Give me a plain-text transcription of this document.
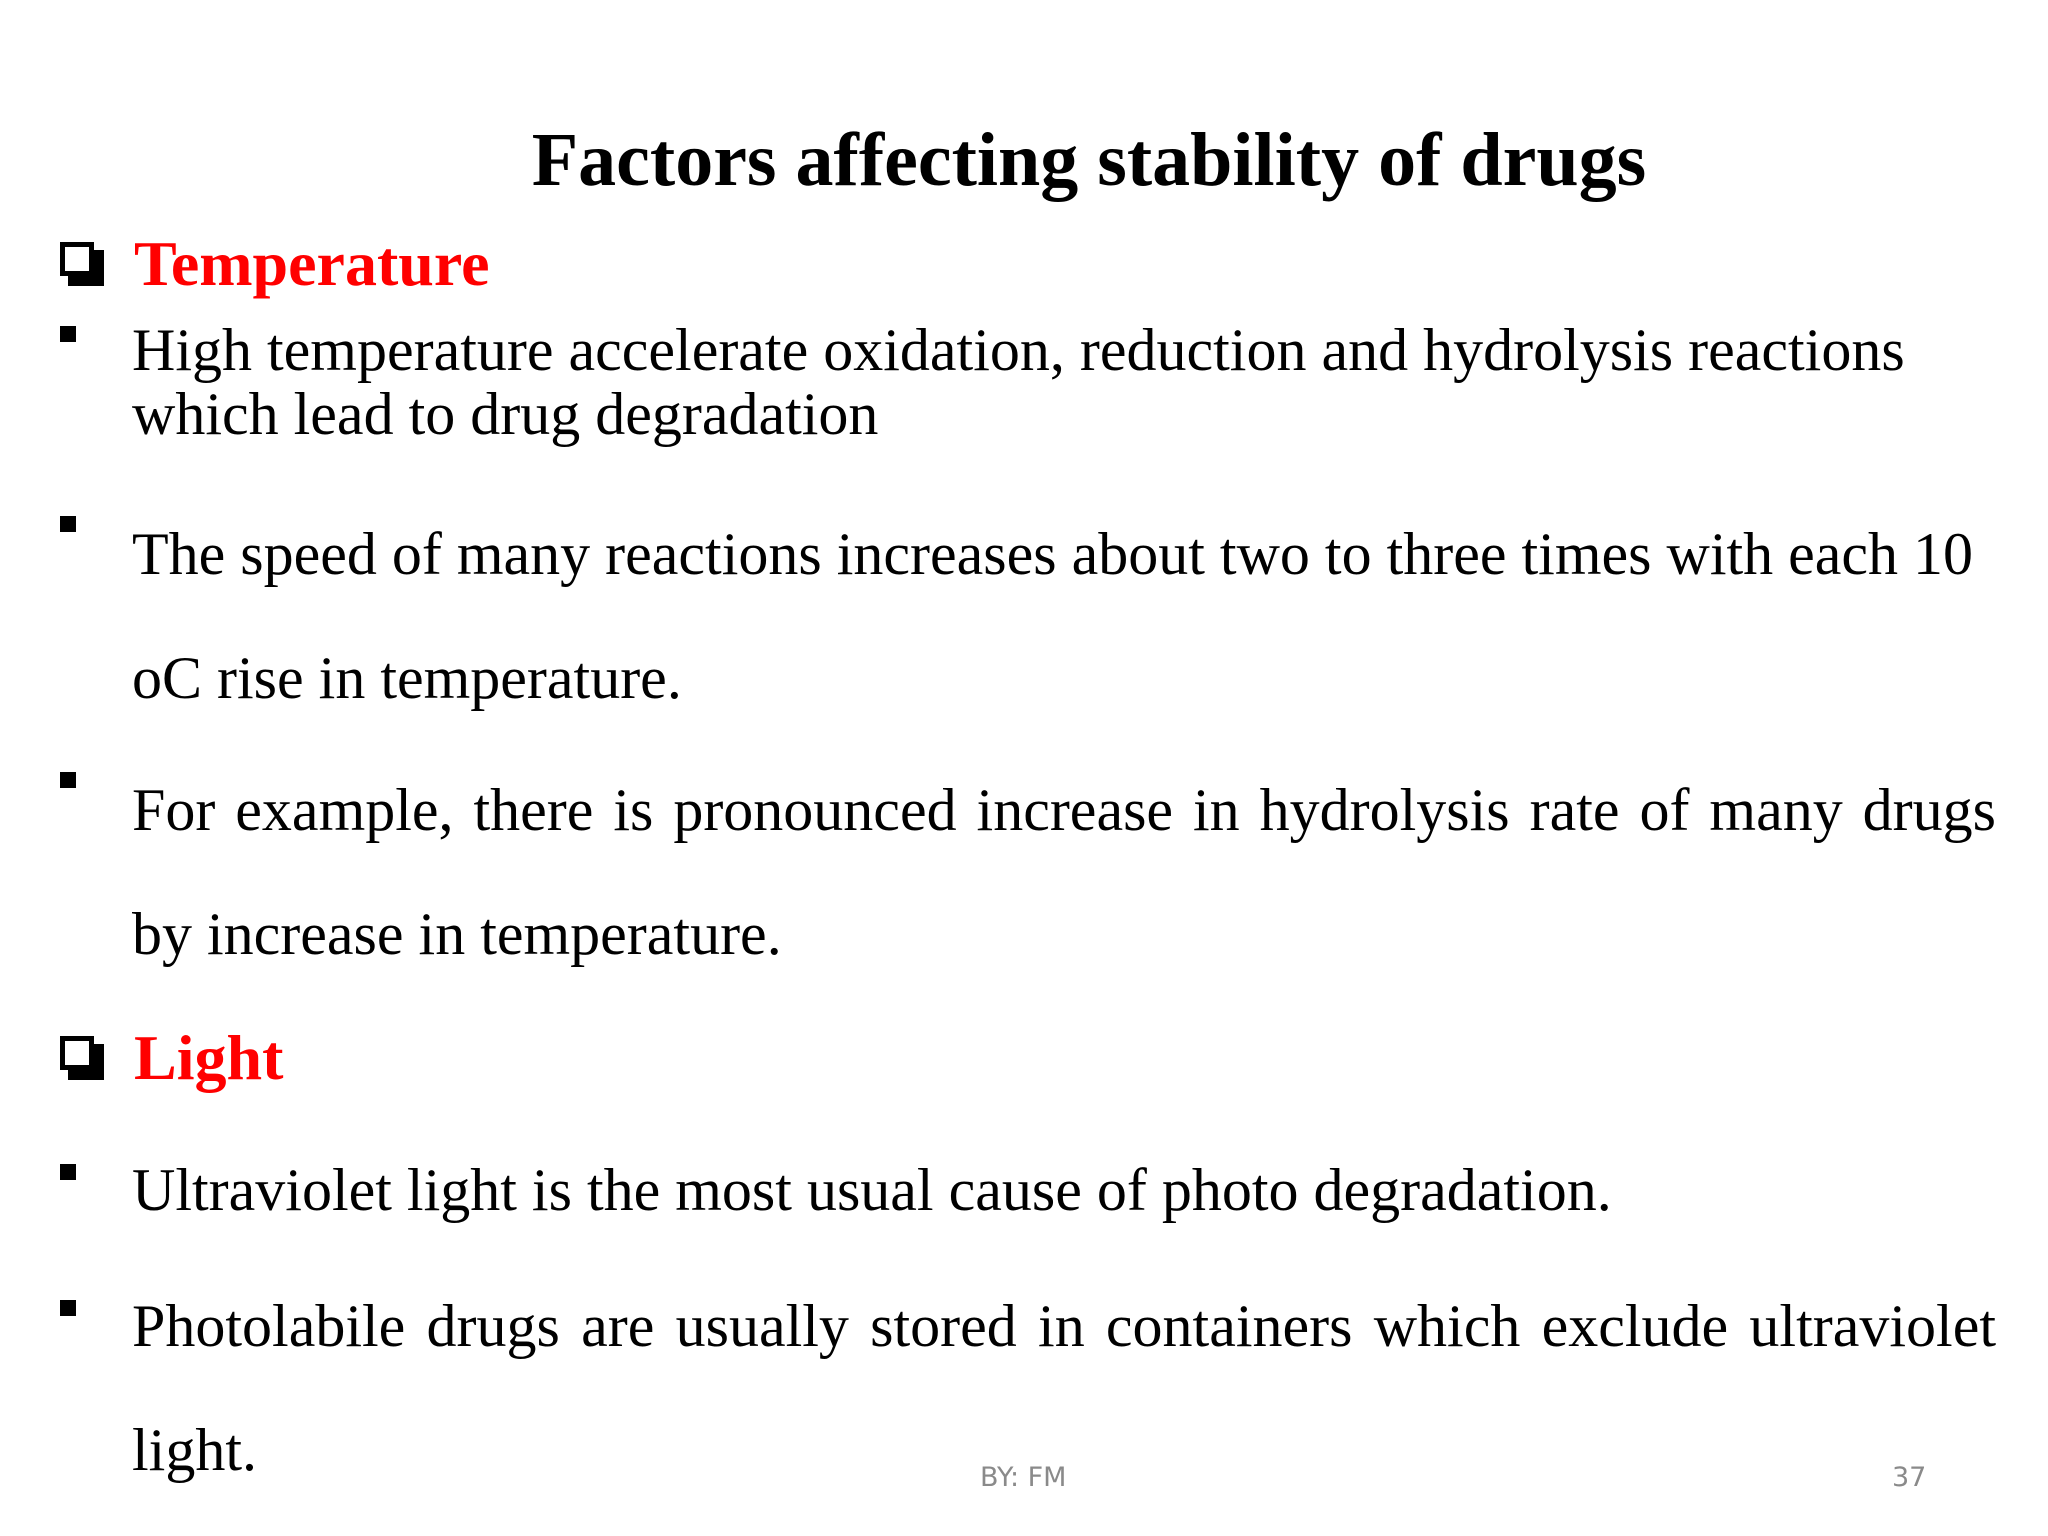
Factors affecting stability of drugs
Temperature
High temperature accelerate oxidation, reduction and hydrolysis reactions which lead to drug degradation
The speed of many reactions increases about two to three times with each 10 oC rise in temperature.
For example, there is pronounced increase in hydrolysis rate of many drugs by increase in temperature.
Light
Ultraviolet light is the most usual cause of photo degradation.
Photolabile drugs are usually stored in containers which exclude ultraviolet light.	BY: FM	37
